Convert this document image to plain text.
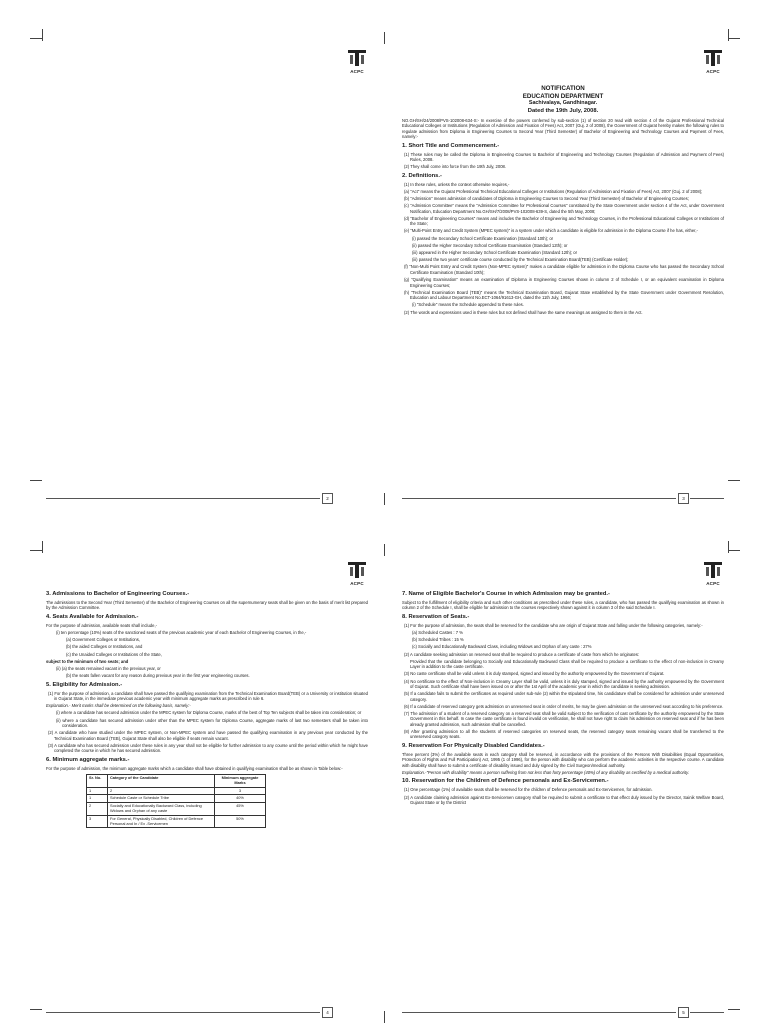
ACPC
2
ACPC
NOTIFICATION
EDUCATION DEPARTMENT
Sachivalaya, Gandhinagar.
Dated the 19th July, 2008.

NO.GH/SH/24/2008/PVS-102008-634-S:- In exercise of the powers conferred by sub-section (1) of section 20 read with section 4 of the Gujarat Professional Technical Educational Colleges or Institutions (Regulation of Admission and Fixation of Fees) Act, 2007 (Guj. 2 of 2008), the Government of Gujarat hereby makes the following rules to regulate admission from Diploma in Engineering Courses to Second Year (Third Semester) of Bachelor of Engineering and Technology Courses and Payment of Fees, namely:-

1. Short Title and Commencement.-

(1) These rules may be called the Diploma in Engineering Courses to Bachelor of Engineering and Technology Courses (Regulation of Admission and Payment of Fees) Rules, 2008.

(2) They shall come into force from the 19th July, 2008.

2. Definitions.-

(1) In these rules, unless the context otherwise requires,-

(a) "Act" means the Gujarat Professional Technical Educational Colleges or Institutions (Regulation of Admission and Fixation of Fees) Act, 2007 (Guj. 2 of 2008);

(b) "Admission" means admission of candidates of Diploma in Engineering Courses to Second Year (Third Semester) of Bachelor of Engineering Courses;

(c) "Admission Committee" means the "Admission Committee for Professional Courses" constituted by the State Government under section 4 of the Act, under Government Notification, Education Department No.GH/SH/7/2008/PVS-102008-639-S, dated the 5th May, 2008;

(d) "Bachelor of Engineering Courses" means and includes the Bachelor of Engineering and Technology Courses, in the Professional Educational Colleges or Institutions of the State;

(e) "Multi-Point Entry and Credit System (MPEC system)" is a system under which a candidate is eligible for admission in the Diploma Course if he has, either,-

(i) passed the Secondary School Certificate Examination (Standard 10th); or

(ii) passed the Higher Secondary School Certificate Examination (Standard 12th); or

(iii) appeared in the Higher Secondary School Certificate Examination (Standard 12th); or

(iii) passed the two years' certificate course conducted by the Technical Examination Board(TEB) (Certificate Holder);

(f) "Non-Multi Point Entry and Credit System (Non-MPEC system)" makes a candidate eligible for admission in the Diploma Course who has passed the Secondary School Certificate Examination (Standard 10th);

(g) "Qualifying Examination" means an examination of Diploma in Engineering Courses shown in column 2 of Schedule I, or an equivalent examination in Diploma Engineering Courses;

(h) "Technical Examination Board (TEB)" means the Technical Examination Board, Gujarat State established by the State Government under Government Resolution, Education and Labour Department No.ECT-1064/91613-GH, dated the 11th July, 1966;

(i) "Schedule" means the Schedule appended to these rules.

(2) The words and expressions used in these rules but not defined shall have the same meanings as assigned to them in the Act.

3
ACPC
3. Admissions to Bachelor of Engineering Courses.-

The admissions to the Second Year (Third Semester) of the Bachelor of Engineering Courses on all the supernumerary seats shall be given on the basis of merit list prepared by the Admission Committee.

4. Seats Available for Admission.-

For the purpose of admission, available seats shall include,-

(i) ten percentage (10%) seats of the sanctioned seats of the previous academic year of each Bachelor of Engineering Courses, in the,-

(a) Government Colleges or Institutions,

(b) the aided Colleges or Institutions, and

(c) the Unaided Colleges or Institutions of the State,

subject to the minimum of two seats; and

(ii) (a) the seats remained vacant in the previous year, or

(b) the seats fallen vacant for any reason during previous year in the first year engineering courses.

5. Eligibility for Admission.-

(1) For the purpose of admission, a candidate shall have passed the qualifying examination from the Technical Examination Board(TEB) or a University or institution situated in Gujarat State, in the immediate previous academic year with minimum aggregate marks as prescribed in rule 6.

Explanation.- Merit marks shall be determined on the following basis, namely:-

(i) where a candidate has secured admission under the MPEC system for Diploma Course, marks of the best of Top Ten subjects shall be taken into consideration; or

(ii) where a candidate has secured admission under other than the MPEC system for Diploma Course, aggregate marks of last two semesters shall be taken into consideration.

(2) A candidate who have studied under the MPEC system, or Non-MPEC system and have passed the qualifying examination in any previous year conducted by the Technical Examination Board (TEB), Gujarat State shall also be eligible if seats remain vacant.

(3) A candidate who has secured admission under these rules in any year shall not be eligible for further admission to any course until the period within which he might have completed the course in which he has secured admission.

6. Minimum aggregate marks.-

For the purpose of admission, the minimum aggregate marks which a candidate shall have obtained in qualifying examination shall be as shown in Table below:-

Sr. No.	Category of the Candidate	Minimum aggregate Marks
1	2	3
1	Schedule Caste or Schedule Tribe	40%
2	Socially and Educationally Backward Class, including Widows and Orphan of any caste	45%
3	For General, Physically Disabled, Children of Defence Personal and In / Ex -Servicemen	50%
4
ACPC
7. Name of Eligible Bachelor's Course in which Admission may be granted.-

Subject to the fulfillment of eligibility criteria and such other conditions as prescribed under these rules, a candidate, who has passed the qualifying examination as shown in column 2 of the Schedule I, shall be eligible for admission to the courses respectively shown against it in column 3 of the said Schedule I.

8. Reservation of Seats.-

(1) For the purpose of admission, the seats shall be reserved for the candidate who are origin of Gujarat State and falling under the following categories, namely:-

(a) Scheduled Castes : 7 %

(b) Scheduled Tribes : 15 %

(c) Socially and Educationally Backward Class, including Widows and Orphan of any caste : 27%

(2) A candidate seeking admission on reserved seat shall be required to produce a certificate of caste from which he originates:

Provided that the candidate belonging to Socially and Educationally Backward Class shall be required to produce a certificate to the effect of non-inclusion in Creamy Layer in addition to the caste certificate.

(3) No caste certificate shall be valid unless it is duly stamped, signed and issued by the authority empowered by the Government of Gujarat.

(4) No certificate to the effect of Non-inclusion in Creamy Layer shall be valid, unless it is duly stamped, signed and issued by the authority empowered by the Government of Gujarat. Such certificate shall have been issued on or after the 1st April of the academic year in which the candidate is seeking admission.

(5) If a candidate fails to submit the certificates as required under sub-rule (2) within the stipulated time, his candidature shall be considered for admission under unreserved category.

(6) If a candidate of reserved category gets admission on unreserved seat in order of merits, he may be given admission on the unreserved seat according to his preference.

(7) The admission of a student of a reserved category on a reserved seat shall be valid subject to the verification of cast certificate by the authority empowered by the State Government in this behalf. In case the caste certificate is found invalid on verification, he shall not have right to claim his admission on reserved seat and if he has been already granted admission, such admission shall be cancelled.

(8) After granting admission to all the students of reserved categories on reserved seats, the reserved category seats remaining vacant shall be transferred to the unreserved category seats.

9. Reservation For Physically Disabled Candidates.-

Three percent (3%) of the available seats in each category shall be reserved, in accordance with the provisions of the Persons With Disabilities (Equal Opportunities, Protection of Rights and Full Participation) Act, 1995 (1 of 1996), for the person with disability who can perform the academic activities in the respective course. A candidate with disability shall have to submit a certificate of disability issued and duly signed by the Civil Surgeon/medical authority.

Explanation.-"Person with disability" means a person suffering from not less than forty percentage (40%) of any disability as certified by a medical authority.

10. Reservation for the Children of Defence personals and Ex-Servicemen.-

(1) One percentage (1%) of available seats shall be reserved for the children of Defence personals and Ex-Servicemen, for admission.

(2) A candidate claiming admission against Ex-Servicemen category shall be required to submit a certificate to that effect duly issued by the Director, Sainik Welfare Board, Gujarat State or by the District

5
